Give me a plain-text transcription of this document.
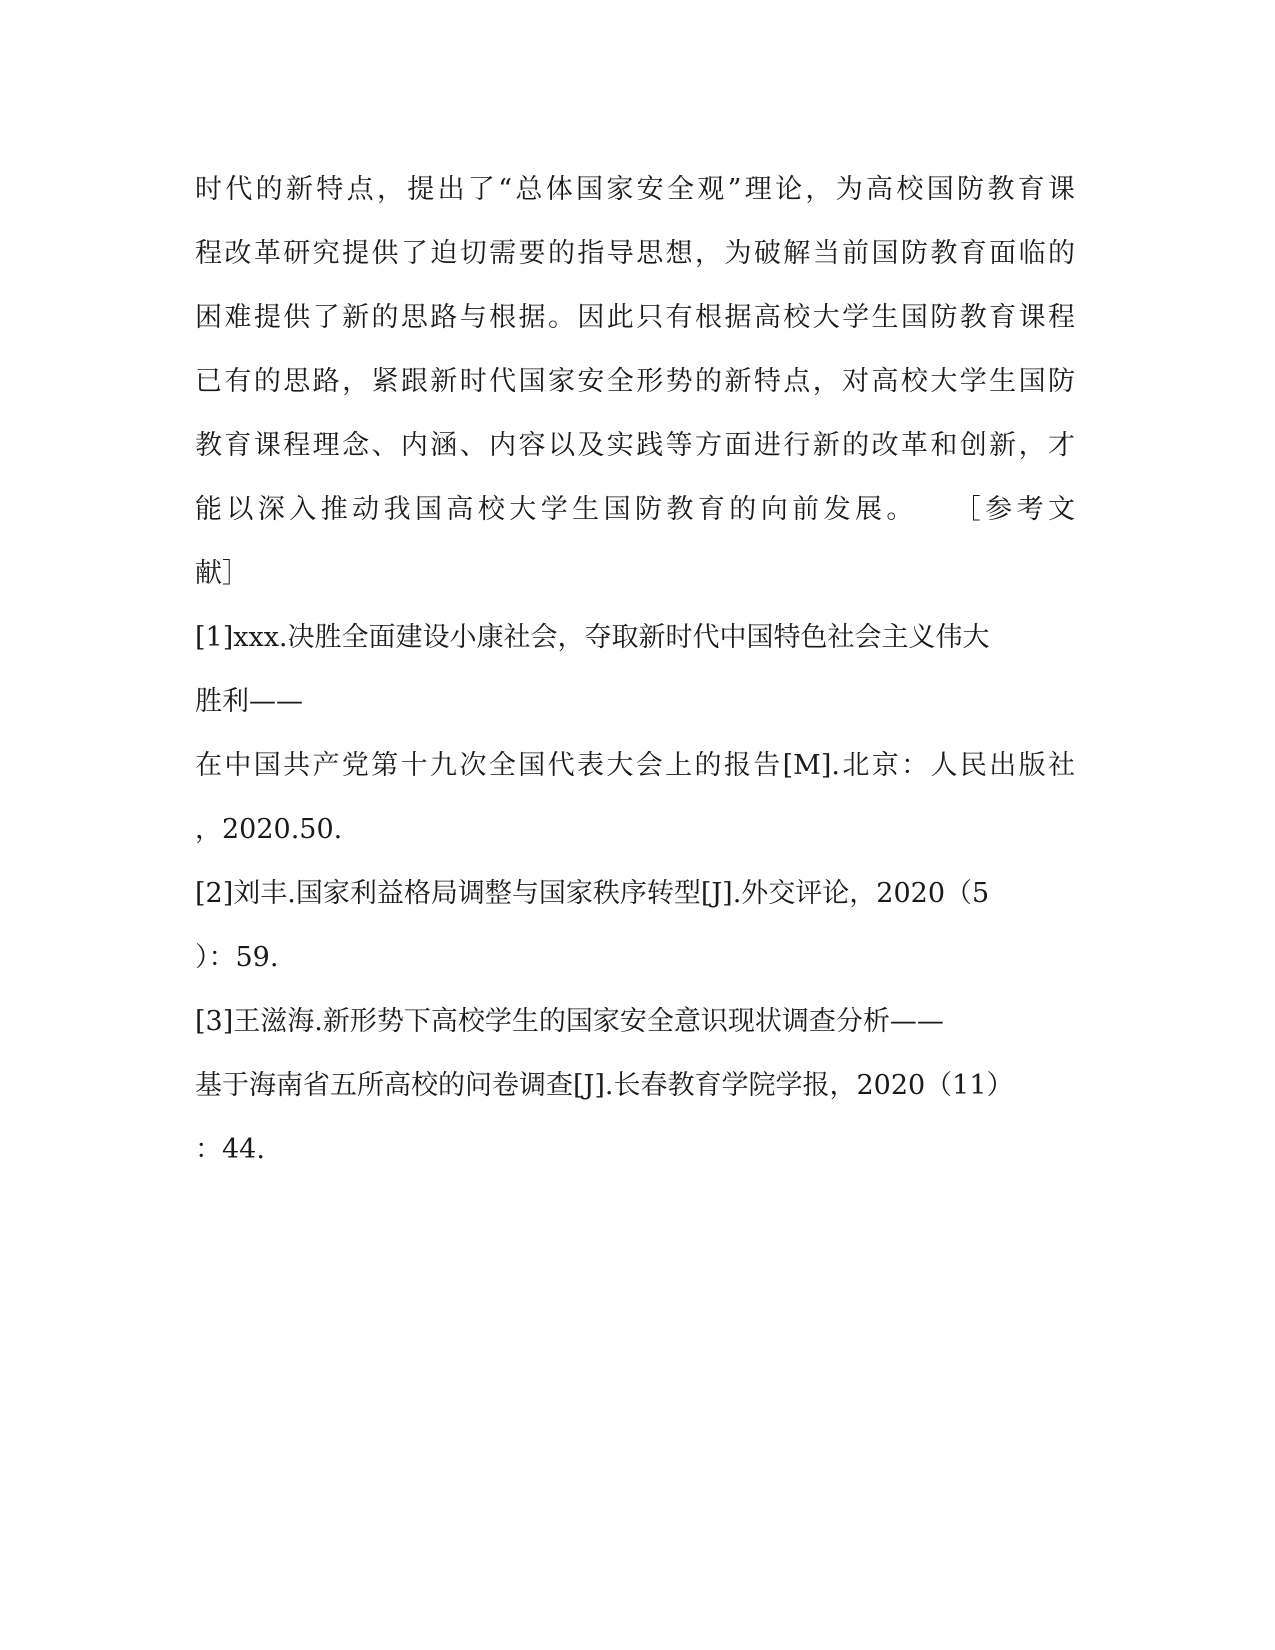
时代的新特点，提出了“总体国家安全观”理论，为高校国防教育课
程改革研究提供了迫切需要的指导思想，为破解当前国防教育面临的
困难提供了新的思路与根据。因此只有根据高校大学生国防教育课程
已有的思路，紧跟新时代国家安全形势的新特点，对高校大学生国防
教育课程理念、内涵、内容以及实践等方面进行新的改革和创新，才
能以深入推动我国高校大学生国防教育的向前发展。　　［参考文
献］
[1]xxx.决胜全面建设小康社会，夺取新时代中国特色社会主义伟大
胜利——
在中国共产党第十九次全国代表大会上的报告[M].北京：人民出版社
，2020.50.
[2]刘丰.国家利益格局调整与国家秩序转型[J].外交评论，2020（5
）：59.
[3]王滋海.新形势下高校学生的国家安全意识现状调查分析——
基于海南省五所高校的问卷调查[J].长春教育学院学报，2020（11）
：44.
